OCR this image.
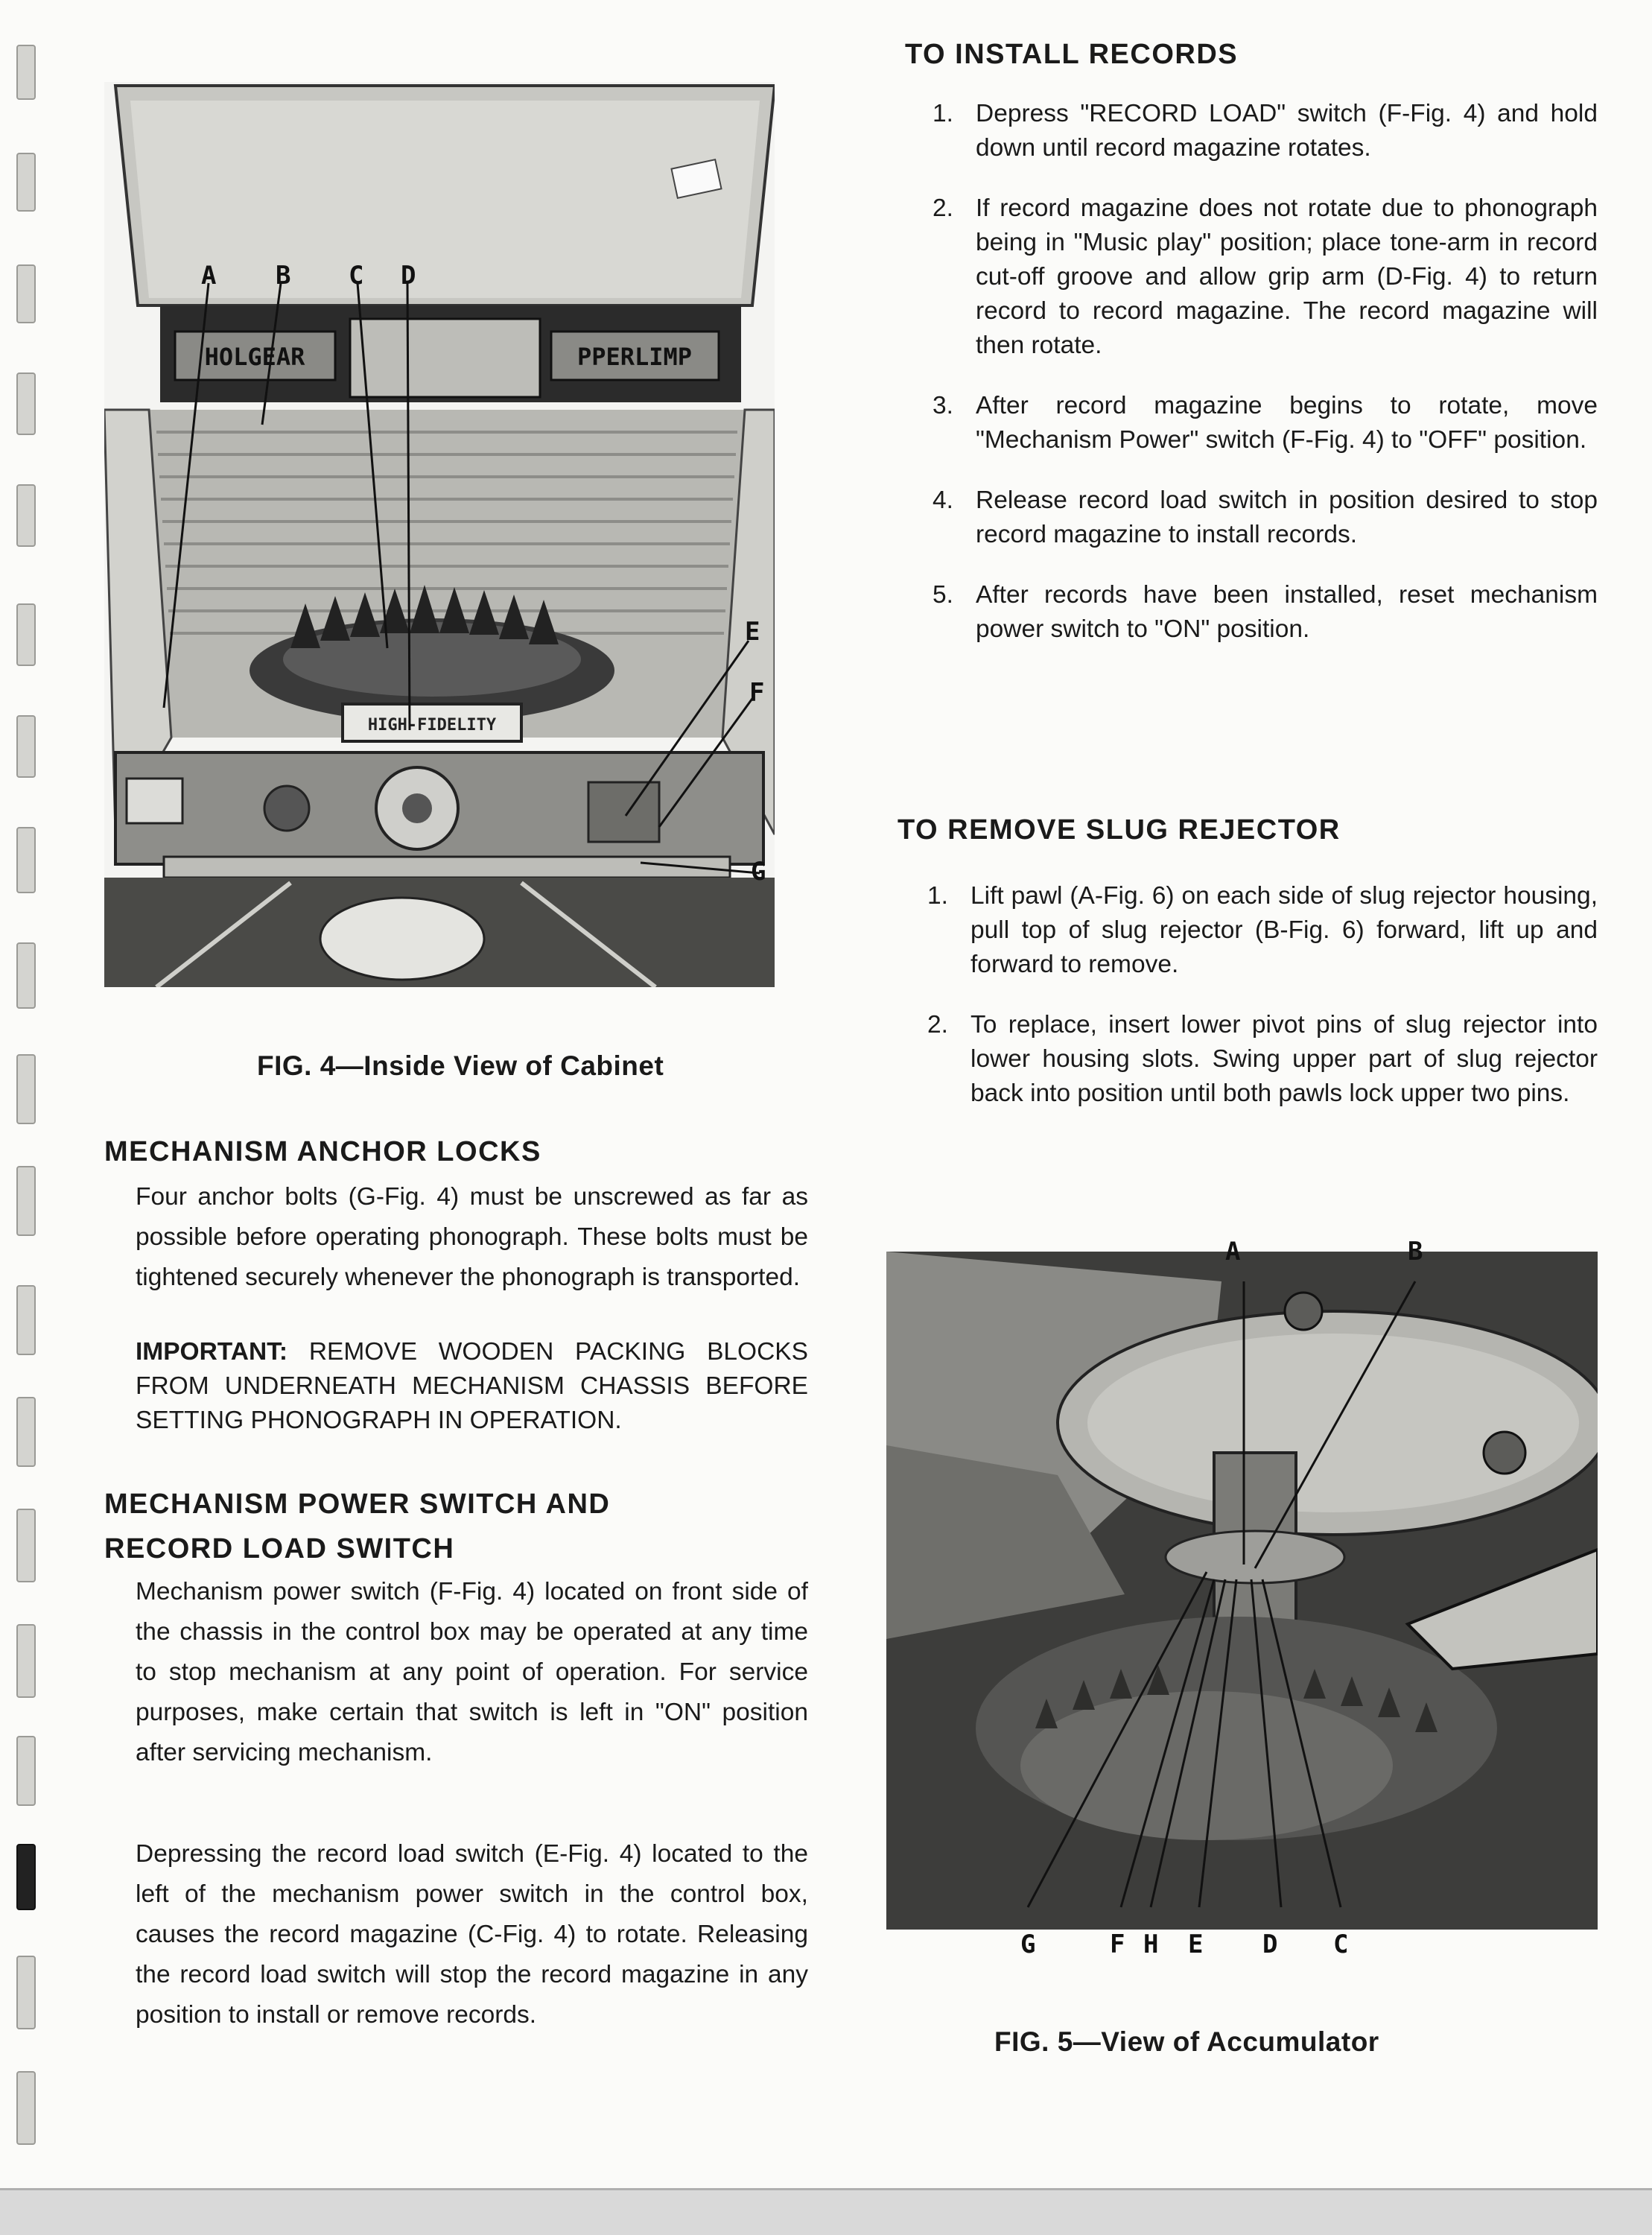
HOLGEAR	PPERLIMP
HIGH-FIDELITY
A B C D
E
F
G
FIG. 4—Inside View of Cabinet
MECHANISM ANCHOR LOCKS

Four anchor bolts (G-Fig. 4) must be unscrewed as far as possible before operating phonograph. These bolts must be tightened securely whenever the phonograph is transported.

IMPORTANT: REMOVE WOODEN PACKING BLOCKS FROM UNDERNEATH MECHANISM CHASSIS BEFORE SETTING PHONOGRAPH IN OPERATION.

MECHANISM POWER SWITCH AND
RECORD LOAD SWITCH

Mechanism power switch (F-Fig. 4) located on front side of the chassis in the control box may be operated at any time to stop mechanism at any point of operation. For service purposes, make certain that switch is left in "ON" position after servicing mechanism.

Depressing the record load switch (E-Fig. 4) located to the left of the mechanism power switch in the control box, causes the record magazine (C-Fig. 4) to rotate. Releasing the record load switch will stop the record magazine in any position to install or remove records.

TO INSTALL RECORDS
1. Depress "RECORD LOAD" switch (F-Fig. 4) and hold down until record magazine rotates.
2. If record magazine does not rotate due to phonograph being in "Music play" position; place tone-arm in record cut-off groove and allow grip arm (D-Fig. 4) to return record to record magazine. The record magazine will then rotate.
3. After record magazine begins to rotate, move "Mechanism Power" switch (F-Fig. 4) to "OFF" position.
4. Release record load switch in position desired to stop record magazine to install records.
5. After records have been installed, reset mechanism power switch to "ON" position.
TO REMOVE SLUG REJECTOR
1. Lift pawl (A-Fig. 6) on each side of slug rejector housing, pull top of slug rejector (B-Fig. 6) forward, lift up and forward to remove.
2. To replace, insert lower pivot pins of slug rejector into lower housing slots. Swing upper part of slug rejector back into position until both pawls lock upper two pins.
A	B
G	F H E D C
FIG. 5—View of Accumulator
